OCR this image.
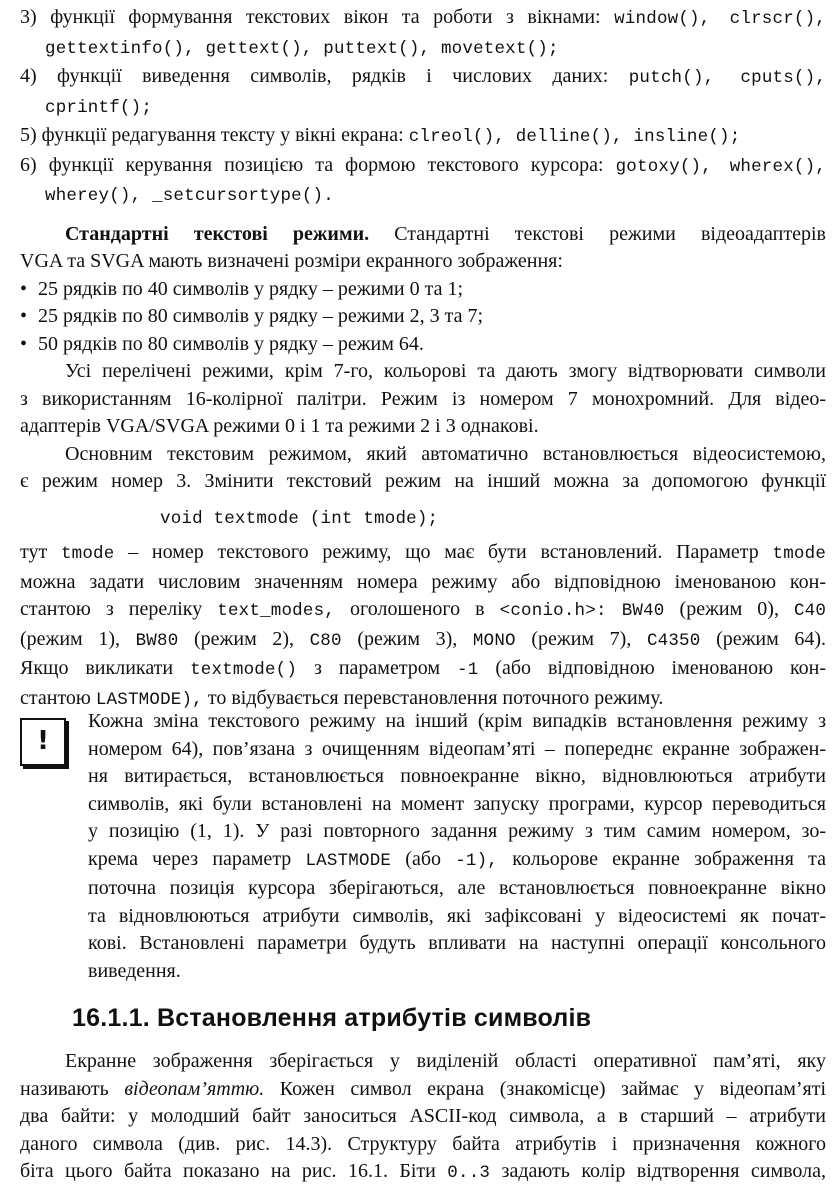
3) функції формування текстових вікон та роботи з вікнами: window(), clrscr(),
gettextinfo(), gettext(), puttext(), movetext();
4) функції виведення символів, рядків і числових даних: putch(), cputs(),
cprintf();
5) функції редагування тексту у вікні екрана: clreol(), delline(), insline();
6) функції керування позицією та формою текстового курсора: gotoxy(), wherex(),
wherey(), _setcursortype().
Стандартні текстові режими. Стандартні текстові режими відеоадаптерів
VGA та SVGA мають визначені розміри екранного зображення:
• 25 рядків по 40 символів у рядку – режими 0 та 1;
• 25 рядків по 80 символів у рядку – режими 2, 3 та 7;
• 50 рядків по 80 символів у рядку – режим 64.
Усі перелічені режими, крім 7-го, кольорові та дають змогу відтворювати символи
з використанням 16-колірної палітри. Режим із номером 7 монохромний. Для відео-
адаптерів VGA/SVGA режими 0 і 1 та режими 2 і 3 однакові.
Основним текстовим режимом, який автоматично встановлюється відеосистемою,
є режим номер 3. Змінити текстовий режим на інший можна за допомогою функції
void textmode (int tmode);
тут tmode – номер текстового режиму, що має бути встановлений. Параметр tmode
можна задати числовим значенням номера режиму або відповідною іменованою кон-
стантою з переліку text_modes, оголошеного в <conio.h>: BW40 (режим 0), C40
(режим 1), BW80 (режим 2), C80 (режим 3), MONO (режим 7), C4350 (режим 64).
Якщо викликати textmode() з параметром -1 (або відповідною іменованою кон-
стантою LASTMODE), то відбувається перевстановлення поточного режиму.
!
Кожна зміна текстового режиму на інший (крім випадків встановлення режиму з
номером 64), пов’язана з очищенням відеопам’яті – попереднє екранне зображен-
ня витирається, встановлюється повноекранне вікно, відновлюються атрибути
символів, які були встановлені на момент запуску програми, курсор переводиться
у позицію (1, 1). У разі повторного задання режиму з тим самим номером, зо-
крема через параметр LASTMODE (або -1), кольорове екранне зображення та
поточна позиція курсора зберігаються, але встановлюється повноекранне вікно
та відновлюються атрибути символів, які зафіксовані у відеосистемі як почат-
кові. Встановлені параметри будуть впливати на наступні операції консольного
виведення.
16.1.1. Встановлення атрибутів символів
Екранне зображення зберігається у виділеній області оперативної пам’яті, яку
називають відеопам’яттю. Кожен символ екрана (знакомісце) займає у відеопам’яті
два байти: у молодший байт заноситься ASCII-код символа, а в старший – атрибути
даного символа (див. рис. 14.3). Структуру байта атрибутів і призначення кожного
біта цього байта показано на рис. 16.1. Біти 0..3 задають колір відтворення символа,
